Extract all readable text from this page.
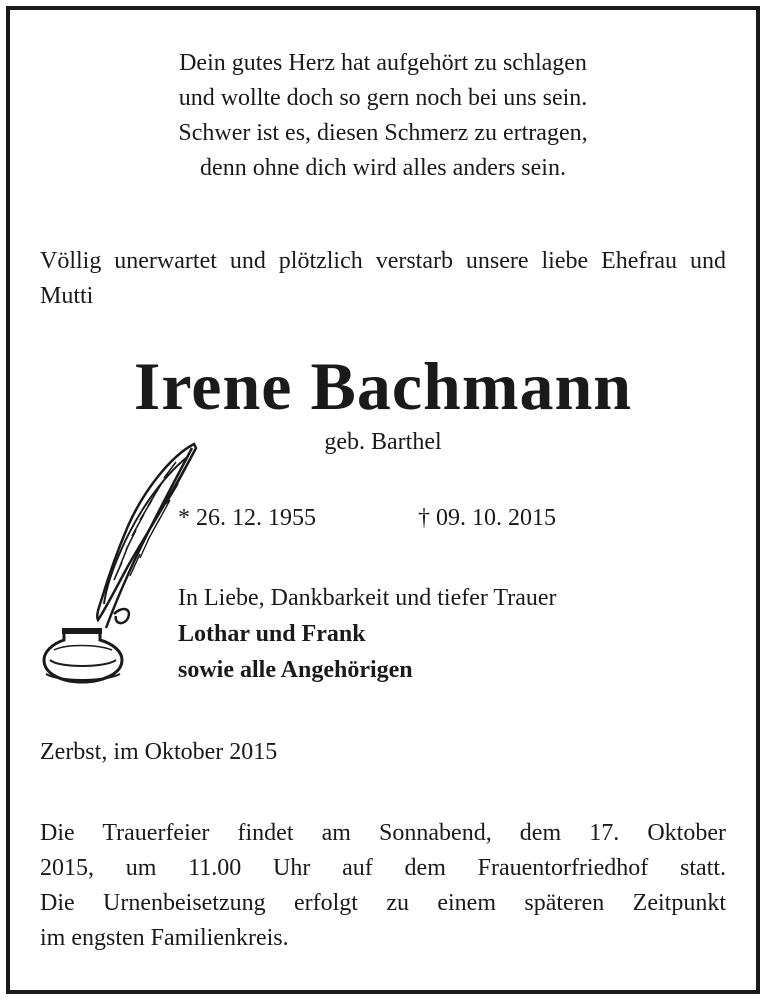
Dein gutes Herz hat aufgehört zu schlagen
und wollte doch so gern noch bei uns sein.
Schwer ist es, diesen Schmerz zu ertragen,
denn ohne dich wird alles anders sein.
Völlig unerwartet und plötzlich verstarb unsere liebe Ehefrau und Mutti
Irene Bachmann
geb. Barthel
* 26. 12. 1955	† 09. 10. 2015
In Liebe, Dankbarkeit und tiefer Trauer
Lothar und Frank
sowie alle Angehörigen
Zerbst, im Oktober 2015
Die Trauerfeier findet am Sonnabend, dem 17. Oktober
2015, um 11.00 Uhr auf dem Frauentorfriedhof statt.
Die Urnenbeisetzung erfolgt zu einem späteren Zeitpunkt
im engsten Familienkreis.
